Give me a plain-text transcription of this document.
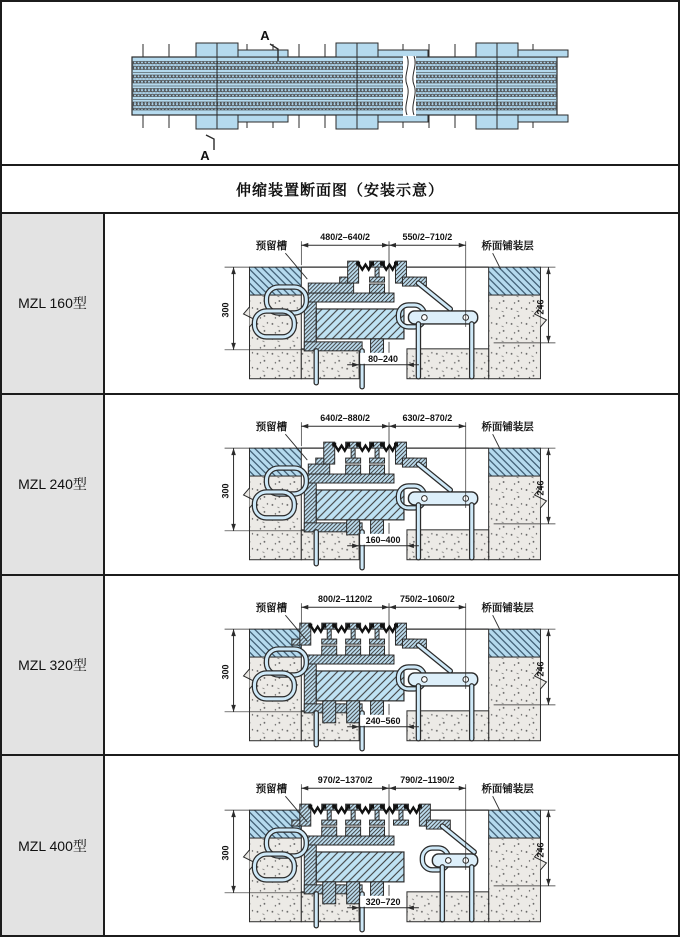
A
A
伸缩装置断面图（安装示意）
MZL 160型
480/2–640/2	550/2–710/2
300	246
80–240
预留槽	桥面铺装层
MZL 240型
640/2–880/2	630/2–870/2
300	246
160–400
预留槽	桥面铺装层
MZL 320型
800/2–1120/2	750/2–1060/2
300	246
240–560
预留槽	桥面铺装层
MZL 400型
970/2–1370/2	790/2–1190/2
300	246
320–720
预留槽	桥面铺装层
